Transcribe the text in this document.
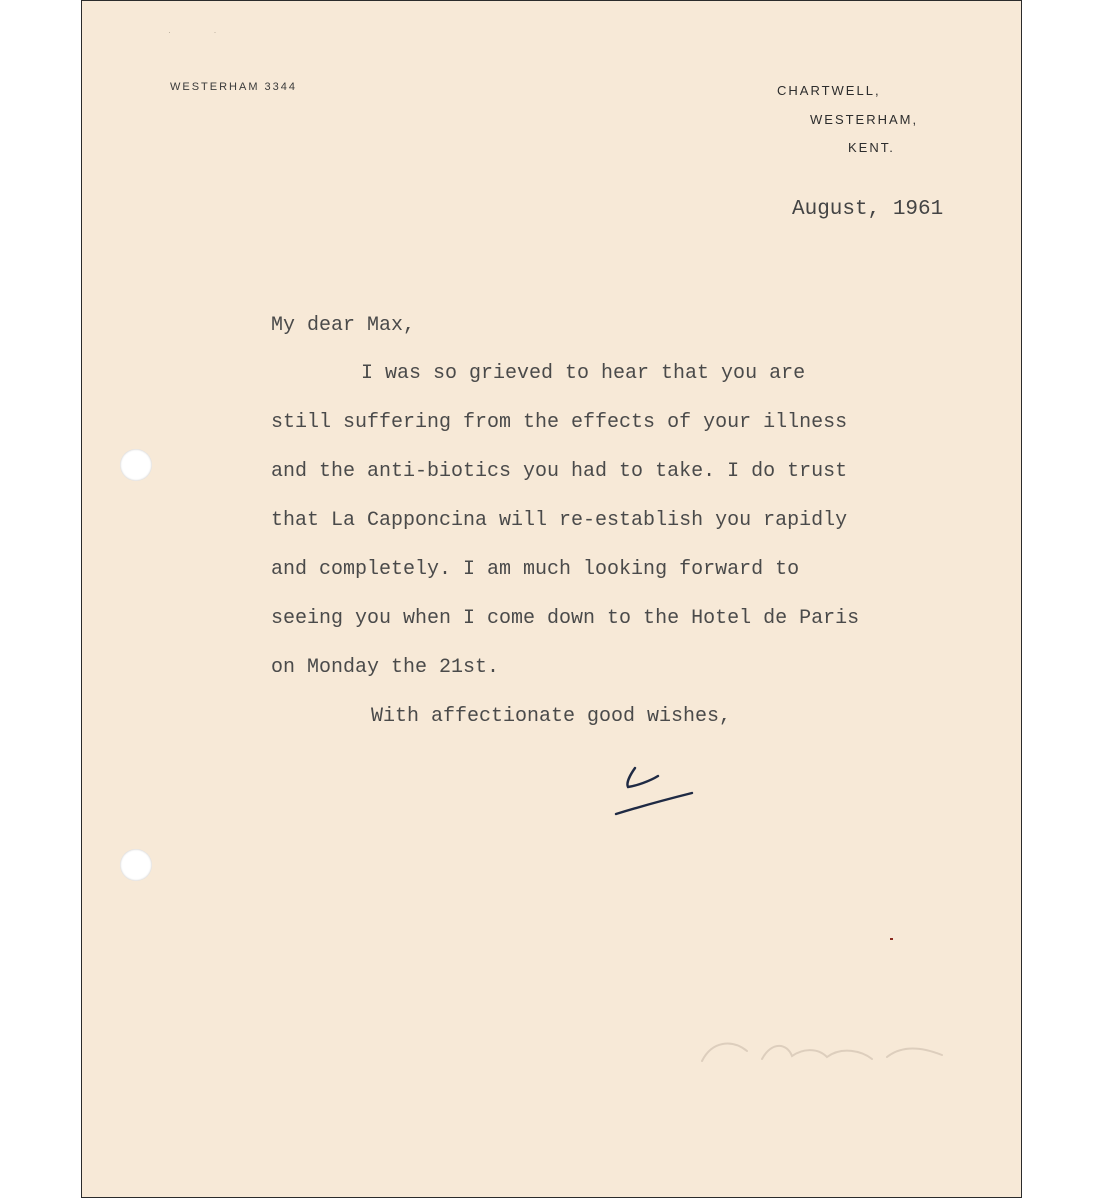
· ·
WESTERHAM 3344	CHARTWELL,
WESTERHAM,
KENT.
August, 1961
My dear Max,
I was so grieved to hear that you are
still suffering from the effects of your illness
and the anti-biotics you had to take. I do trust
that La Capponcina will re-establish you rapidly
and completely. I am much looking forward to
seeing you when I come down to the Hotel de Paris
on Monday the 21st.
With affectionate good wishes,
